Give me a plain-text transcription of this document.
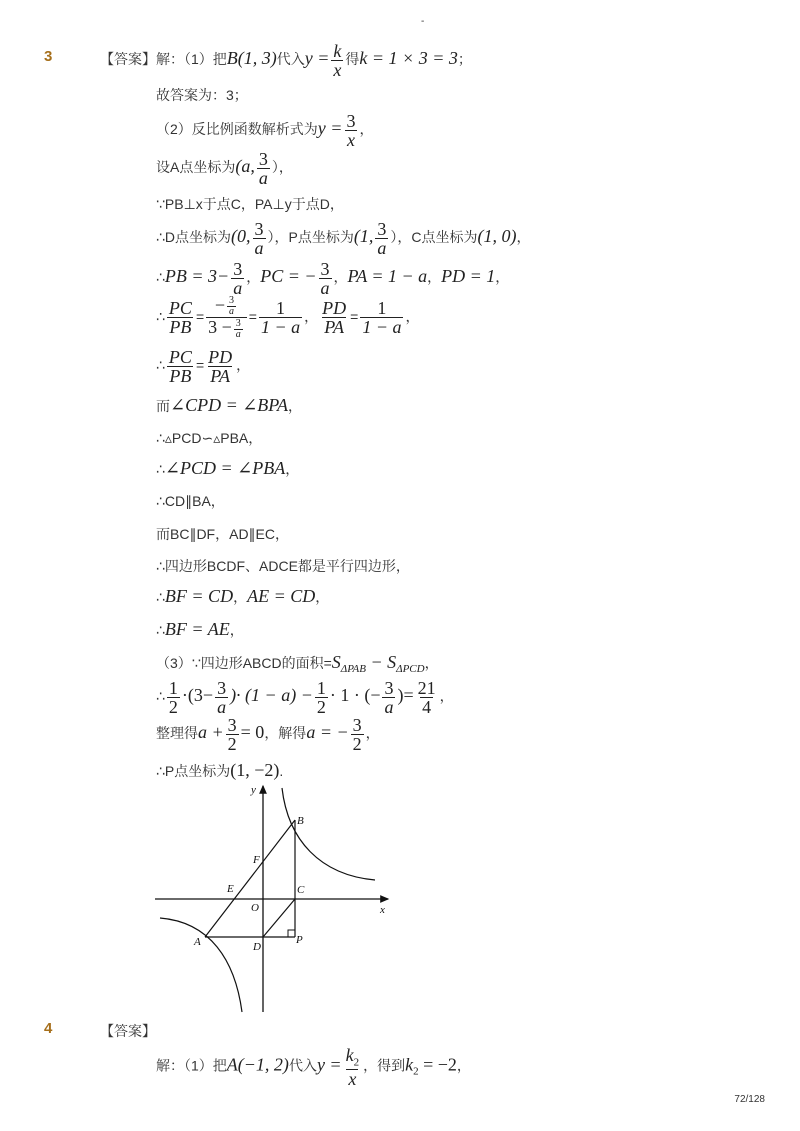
-
3	【答案】 解：（1）把B(1, 3)代入$y = \frac{k}{x}$ 得k = 1 × 3 = 3；
故答案为：3；
（2）反比例函数解析式为$y = \frac{3}{x}$ ，
设A点坐标为(a, $\frac{3}{a}$ ），
∵PB⊥x于点C，PA⊥y于点D，
∴D点坐标为(0, $\frac{3}{a}$ ），P点坐标为(1, $\frac{3}{a}$ ），C点坐标为(1, 0)，
∴PB = $3- \frac{3}{a}$ ，PC = − $\frac{3}{a}$ ，PA = 1 − a，PD = 1，
∴ $\frac{PC}{PB} = \frac{- \frac{3}{a}}{3 - \frac{3}{a}} = \frac{1}{1 - a}$ ， $\frac{PD}{PA} = \frac{1}{1 - a}$ ，
∴ $\frac{PC}{PB} = \frac{PD}{PA}$ ，
而∠CPD = ∠BPA，
∴▵PCD∽▵PBA，
∴∠PCD = ∠PBA，
∴CD∥BA，
而BC∥DF，AD∥EC，
∴四边形BCDF、ADCE都是平行四边形，
∴BF = CD，AE = CD，
∴BF = AE，
（3）∵四边形ABCD的面积$=S_{\Delta PAB} - S_{\Delta PCD}$，
∴ $\frac{1}{2} \cdot(3- \frac{3}{a}$ )· $(1 - a) - \frac{1}{2} \cdot 1$ · (− $\frac{3}{a}$ )= $\frac{21}{4}$ ，
整理得$a + \frac{3}{2} = 0$，解得a = − $\frac{3}{2}$ ，
∴P点坐标为(1, −2).
y
x
B
F
E	C
O
A	D
P
4	【答案】
解：（1）把A(−1, 2)代入$y = \frac{k_2}{x}$ ，得到$k_2 = -2$，
72/128
